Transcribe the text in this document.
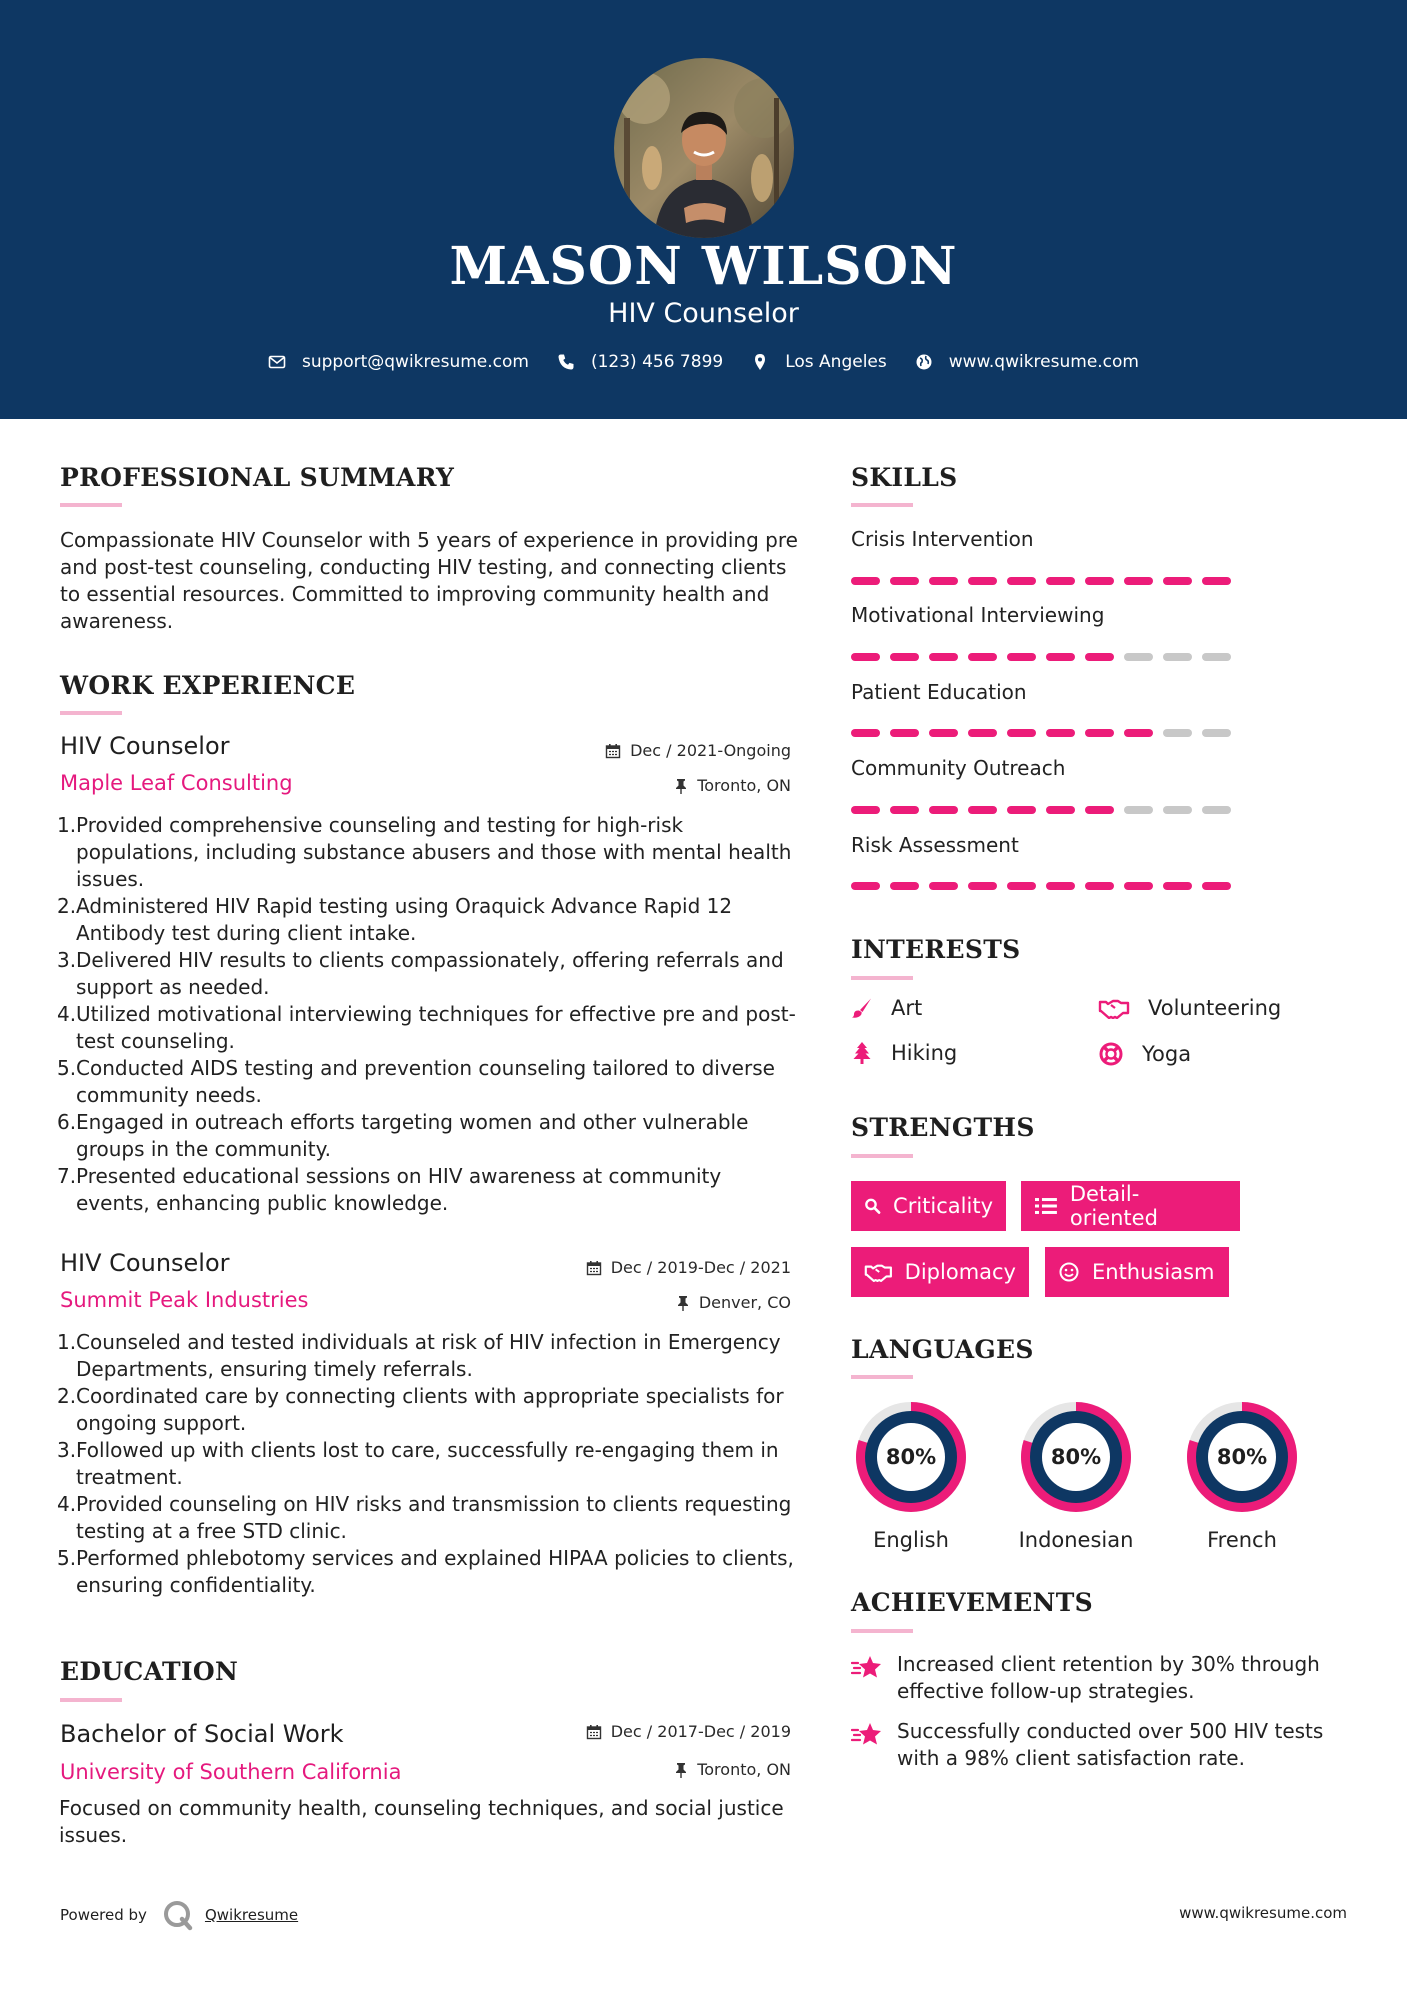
MASON WILSON
HIV Counselor
support@qwikresume.com	(123) 456 7899	Los Angeles	www.qwikresume.com
PROFESSIONAL SUMMARY
Compassionate HIV Counselor with 5 years of experience in providing pre and post-test counseling, conducting HIV testing, and connecting clients to essential resources. Committed to improving community health and awareness.
WORK EXPERIENCE
HIV Counselor	Dec / 2021-Ongoing
Maple Leaf Consulting	Toronto, ON
1. Provided comprehensive counseling and testing for high-risk populations, including substance abusers and those with mental health issues.
2. Administered HIV Rapid testing using Oraquick Advance Rapid 12 Antibody test during client intake.
3. Delivered HIV results to clients compassionately, offering referrals and support as needed.
4. Utilized motivational interviewing techniques for effective pre and post-test counseling.
5. Conducted AIDS testing and prevention counseling tailored to diverse community needs.
6. Engaged in outreach efforts targeting women and other vulnerable groups in the community.
7. Presented educational sessions on HIV awareness at community events, enhancing public knowledge.
HIV Counselor	Dec / 2019-Dec / 2021
Summit Peak Industries	Denver, CO
1. Counseled and tested individuals at risk of HIV infection in Emergency Departments, ensuring timely referrals.
2. Coordinated care by connecting clients with appropriate specialists for ongoing support.
3. Followed up with clients lost to care, successfully re-engaging them in treatment.
4. Provided counseling on HIV risks and transmission to clients requesting testing at a free STD clinic.
5. Performed phlebotomy services and explained HIPAA policies to clients, ensuring confidentiality.
EDUCATION
Bachelor of Social Work	Dec / 2017-Dec / 2019
University of Southern California	Toronto, ON
Focused on community health, counseling techniques, and social justice issues.
SKILLS
Crisis Intervention
Motivational Interviewing
Patient Education
Community Outreach
Risk Assessment
INTERESTS
Art	Volunteering
Hiking	Yoga
STRENGTHS
Criticality	Detail-oriented
Diplomacy	Enthusiasm
LANGUAGES
80%
English
80%
Indonesian
80%
French
ACHIEVEMENTS
Increased client retention by 30% through effective follow-up strategies.
Successfully conducted over 500 HIV tests with a 98% client satisfaction rate.
Powered by	Qwikresume	www.qwikresume.com
